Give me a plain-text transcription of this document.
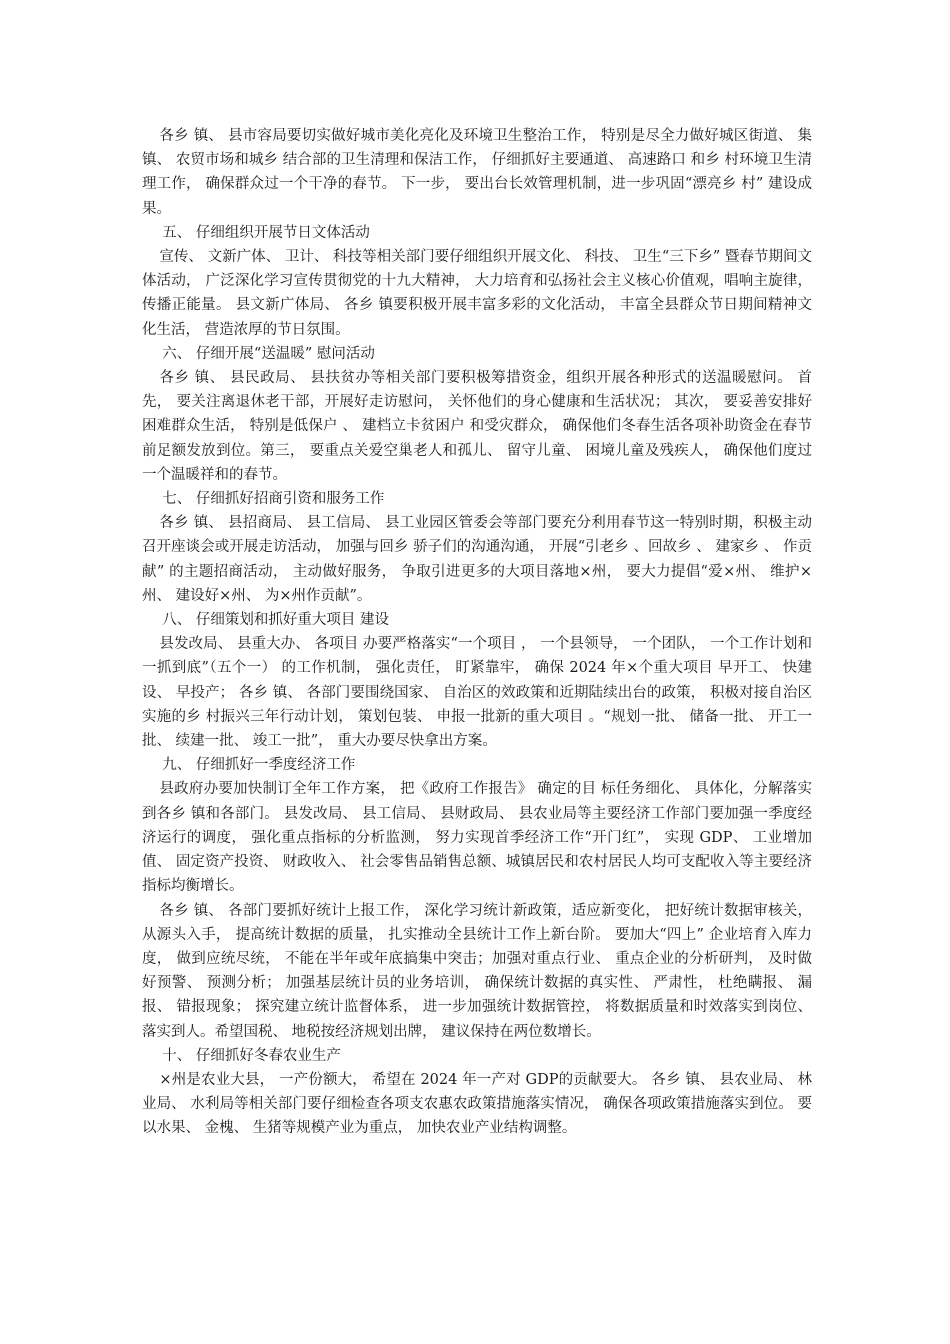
各乡 镇、 县市容局要切实做好城市美化亮化及环境卫生整治工作， 特别是尽全力做好城区街道、 集镇、 农贸市场和城乡 结合部的卫生清理和保洁工作， 仔细抓好主要通道、 高速路口 和乡 村环境卫生清理工作， 确保群众过一个干净的春节。 下一步， 要出台长效管理机制，进一步巩固“漂亮乡 村” 建设成果。

五、 仔细组织开展节日文体活动

宣传、 文新广体、 卫计、 科技等相关部门要仔细组织开展文化、 科技、 卫生“三下乡” 暨春节期间文体活动， 广泛深化学习宣传贯彻党的十九大精神， 大力培育和弘扬社会主义核心价值观，唱响主旋律， 传播正能量。 县文新广体局、 各乡 镇要积极开展丰富多彩的文化活动， 丰富全县群众节日期间精神文化生活， 营造浓厚的节日氛围。

六、 仔细开展“送温暖” 慰问活动

各乡 镇、 县民政局、 县扶贫办等相关部门要积极筹措资金，组织开展各种形式的送温暖慰问。 首先， 要关注离退休老干部，开展好走访慰问， 关怀他们的身心健康和生活状况； 其次， 要妥善安排好困难群众生活， 特别是低保户 、 建档立卡贫困户 和受灾群众， 确保他们冬春生活各项补助资金在春节前足额发放到位。第三， 要重点关爱空巢老人和孤儿、 留守儿童、 困境儿童及残疾人， 确保他们度过一个温暖祥和的春节。

七、 仔细抓好招商引资和服务工作

各乡 镇、 县招商局、 县工信局、 县工业园区管委会等部门要充分利用春节这一特别时期，积极主动召开座谈会或开展走访活动， 加强与回乡 骄子们的沟通沟通， 开展“引老乡 、回故乡 、 建家乡 、 作贡献” 的主题招商活动， 主动做好服务， 争取引进更多的大项目落地×州， 要大力提倡“爱×州、 维护×州、 建设好×州、 为×州作贡献”。

八、 仔细策划和抓好重大项目 建设

县发改局、 县重大办、 各项目 办要严格落实“一个项目 ， 一个县领导， 一个团队， 一个工作计划和一抓到底”（五个一） 的工作机制， 强化责任， 盯紧靠牢， 确保 2024 年×个重大项目 早开工、 快建设、 早投产； 各乡 镇、 各部门要围绕国家、 自治区的效政策和近期陆续出台的政策， 积极对接自治区实施的乡 村振兴三年行动计划， 策划包装、 申报一批新的重大项目 。“规划一批、 储备一批、 开工一批、 续建一批、 竣工一批”， 重大办要尽快拿出方案。

九、 仔细抓好一季度经济工作

县政府办要加快制订全年工作方案， 把《政府工作报告》 确定的目 标任务细化、 具体化，分解落实到各乡 镇和各部门。 县发改局、 县工信局、 县财政局、 县农业局等主要经济工作部门要加强一季度经济运行的调度， 强化重点指标的分析监测， 努力实现首季经济工作“开门红”， 实现 GDP、 工业增加值、 固定资产投资、 财政收入、 社会零售品销售总额、城镇居民和农村居民人均可支配收入等主要经济指标均衡增长。

各乡 镇、 各部门要抓好统计上报工作， 深化学习统计新政策，适应新变化， 把好统计数据审核关， 从源头入手， 提高统计数据的质量， 扎实推动全县统计工作上新台阶。 要加大“四上” 企业培育入库力度， 做到应统尽统， 不能在半年或年底搞集中突击；加强对重点行业、 重点企业的分析研判， 及时做好预警、 预测分析； 加强基层统计员的业务培训， 确保统计数据的真实性、 严肃性， 杜绝瞒报、 漏报、 错报现象； 探究建立统计监督体系， 进一步加强统计数据管控， 将数据质量和时效落实到岗位、 落实到人。希望国税、 地税按经济规划出牌， 建议保持在两位数增长。

十、 仔细抓好冬春农业生产

×州是农业大县， 一产份额大， 希望在 2024 年一产对 GDP的贡献要大。 各乡 镇、 县农业局、 林业局、 水利局等相关部门要仔细检查各项支农惠农政策措施落实情况， 确保各项政策措施落实到位。 要以水果、 金槐、 生猪等规模产业为重点， 加快农业产业结构调整。
